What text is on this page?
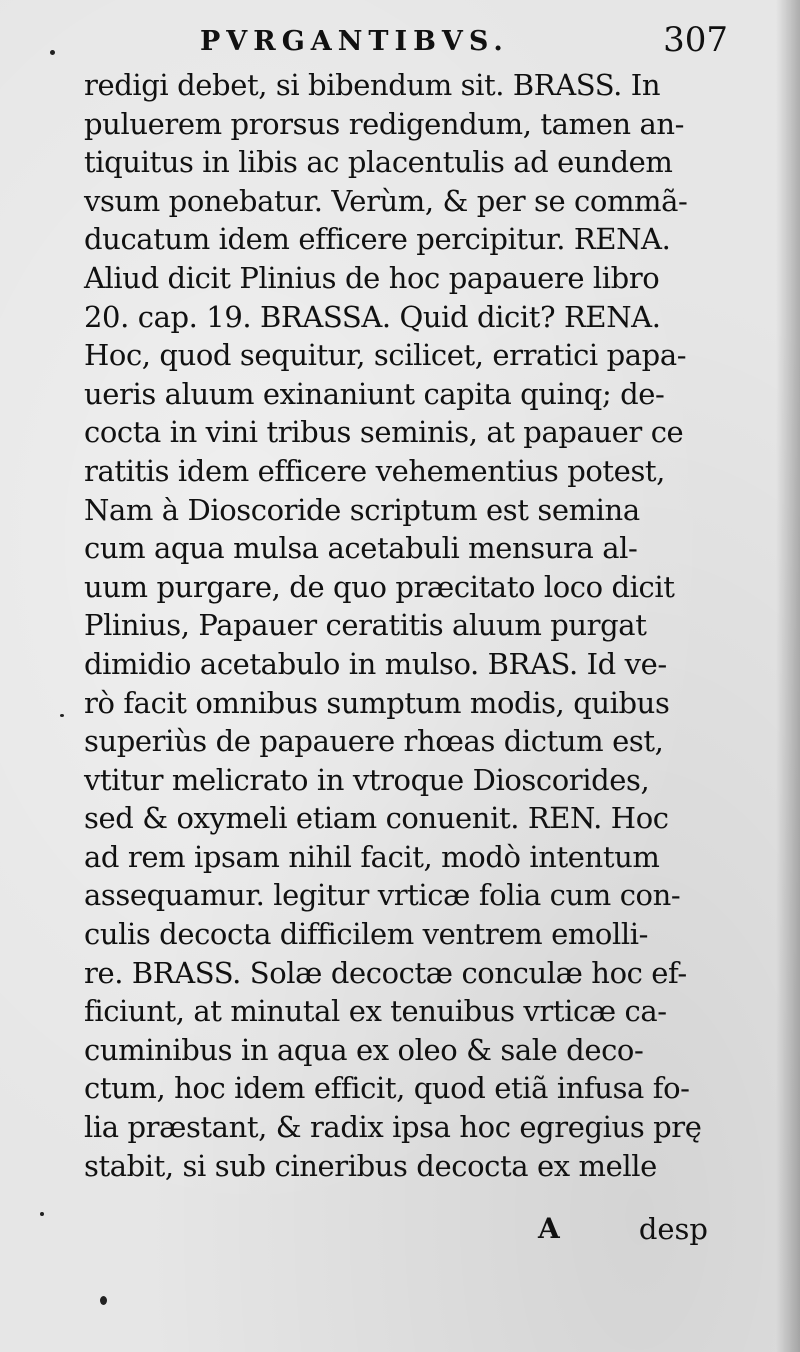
PVRGANTIBVS.	307
redigi debet, si bibendum sit. BRASS. In
puluerem prorsus redigendum, tamen an-
tiquitus in libis ac placentulis ad eundem
vsum ponebatur. Verùm, & per se commã-
ducatum idem efficere percipitur. RENA.
Aliud dicit Plinius de hoc papauere libro
20. cap. 19. BRASSA. Quid dicit? RENA.
Hoc, quod sequitur, scilicet, erratici papa-
ueris aluum exinaniunt capita quinq; de-
cocta in vini tribus seminis, at papauer ce
ratitis idem efficere vehementius potest,
Nam à Dioscoride scriptum est semina
cum aqua mulsa acetabuli mensura al-
uum purgare, de quo præcitato loco dicit
Plinius, Papauer ceratitis aluum purgat
dimidio acetabulo in mulso. BRAS. Id ve-
rò facit omnibus sumptum modis, quibus
superiùs de papauere rhœas dictum est,
vtitur melicrato in vtroque Dioscorides,
sed & oxymeli etiam conuenit. REN. Hoc
ad rem ipsam nihil facit, modò intentum
assequamur. legitur vrticæ folia cum con-
culis decocta difficilem ventrem emolli-
re. BRASS. Solæ decoctæ conculæ hoc ef-
ficiunt, at minutal ex tenuibus vrticæ ca-
cuminibus in aqua ex oleo & sale deco-
ctum, hoc idem efficit, quod etiã infusa fo-
lia præstant, & radix ipsa hoc egregius prę
stabit, si sub cineribus decocta ex melle
A	desp
